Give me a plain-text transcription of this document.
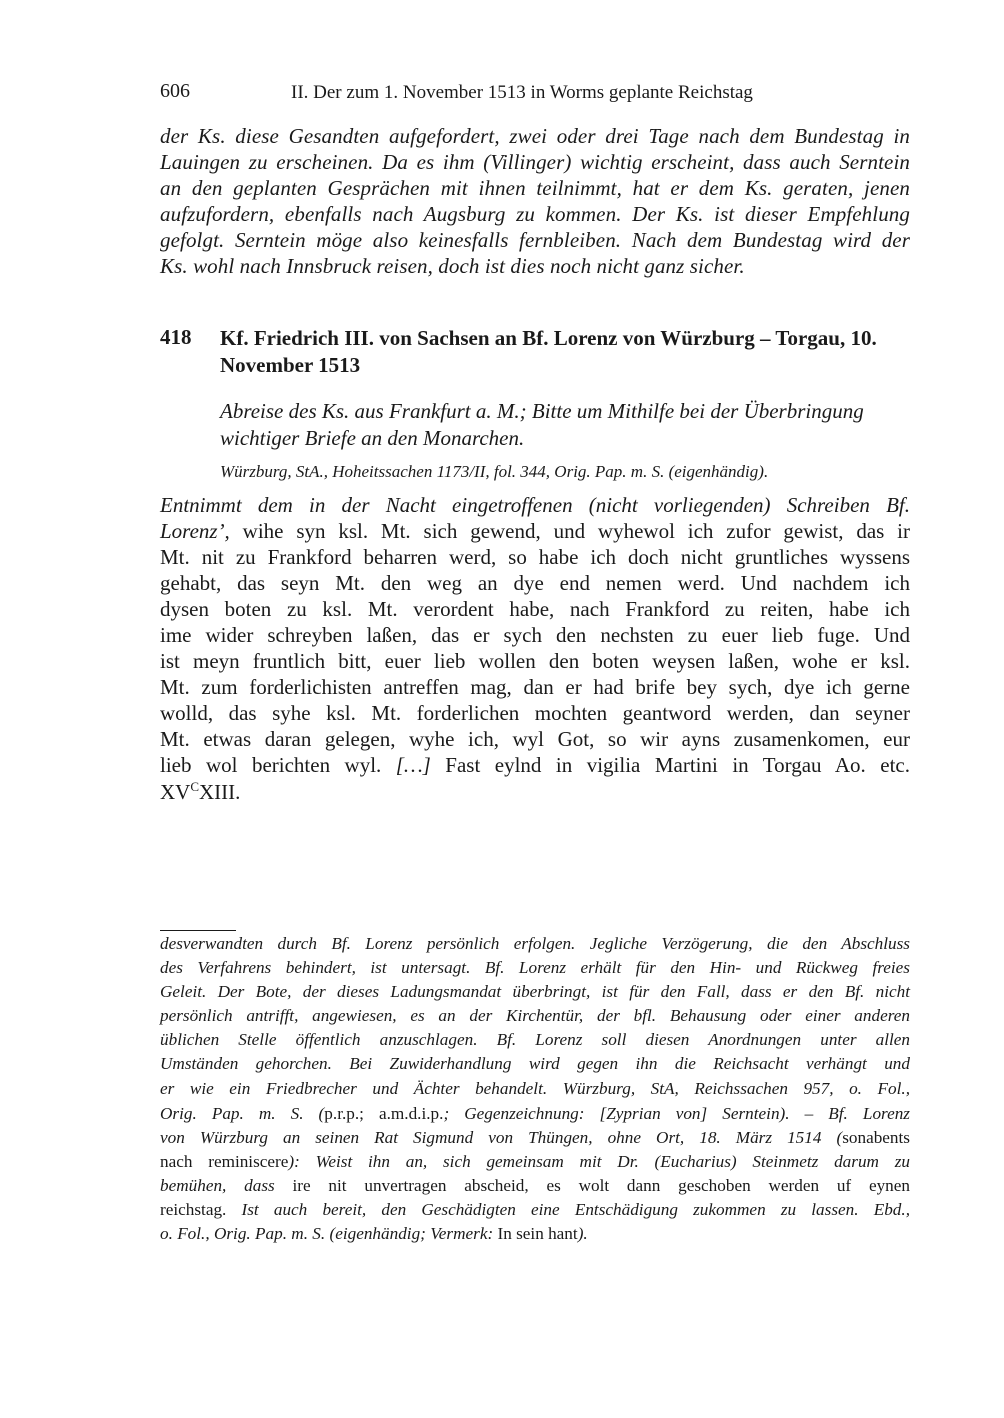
606	II. Der zum 1. November 1513 in Worms geplante Reichstag
der Ks. diese Gesandten aufgefordert, zwei oder drei Tage nach dem Bundestag in
Lauingen zu erscheinen. Da es ihm (Villinger) wichtig erscheint, dass auch Serntein
an den geplanten Gesprächen mit ihnen teilnimmt, hat er dem Ks. geraten, jenen
aufzufordern, ebenfalls nach Augsburg zu kommen. Der Ks. ist dieser Empfehlung
gefolgt. Serntein möge also keinesfalls fernbleiben. Nach dem Bundestag wird der
Ks. wohl nach Innsbruck reisen, doch ist dies noch nicht ganz sicher.
418 Kf. Friedrich III. von Sachsen an Bf. Lorenz von Würzburg – Torgau, 10. November 1513
Abreise des Ks. aus Frankfurt a. M.; Bitte um Mithilfe bei der Überbringung wichtiger Briefe an den Monarchen.
Würzburg, StA., Hoheitssachen 1173/II, fol. 344, Orig. Pap. m. S. (eigenhändig).
Entnimmt dem in der Nacht eingetroffenen (nicht vorliegenden) Schreiben Bf.
Lorenz’, wihe syn ksl. Mt. sich gewend, und wyhewol ich zufor gewist, das ir
Mt. nit zu Frankford beharren werd, so habe ich doch nicht gruntliches wyssens
gehabt, das seyn Mt. den weg an dye end nemen werd. Und nachdem ich
dysen boten zu ksl. Mt. verordent habe, nach Frankford zu reiten, habe ich
ime wider schreyben laßen, das er sych den nechsten zu euer lieb fuge. Und
ist meyn fruntlich bitt, euer lieb wollen den boten weysen laßen, wohe er ksl.
Mt. zum forderlichisten antreffen mag, dan er had brife bey sych, dye ich gerne
wolld, das syhe ksl. Mt. forderlichen mochten geantword werden, dan seyner
Mt. etwas daran gelegen, wyhe ich, wyl Got, so wir ayns zusamenkomen, eur
lieb wol berichten wyl. […] Fast eylnd in vigilia Martini in Torgau Ao. etc.
$XV^CXIII$.
desverwandten durch Bf. Lorenz persönlich erfolgen. Jegliche Verzögerung, die den Abschluss
des Verfahrens behindert, ist untersagt. Bf. Lorenz erhält für den Hin- und Rückweg freies
Geleit. Der Bote, der dieses Ladungsmandat überbringt, ist für den Fall, dass er den Bf. nicht
persönlich antrifft, angewiesen, es an der Kirchentür, der bfl. Behausung oder einer anderen
üblichen Stelle öffentlich anzuschlagen. Bf. Lorenz soll diesen Anordnungen unter allen
Umständen gehorchen. Bei Zuwiderhandlung wird gegen ihn die Reichsacht verhängt und
er wie ein Friedbrecher und Ächter behandelt. Würzburg, StA, Reichssachen 957, o. Fol.,
Orig. Pap. m. S. (p.r.p.; a.m.d.i.p.; Gegenzeichnung: [Zyprian von] Serntein). – Bf. Lorenz
von Würzburg an seinen Rat Sigmund von Thüngen, ohne Ort, 18. März 1514 (sonabents
nach reminiscere): Weist ihn an, sich gemeinsam mit Dr. (Eucharius) Steinmetz darum zu
bemühen, dass ire nit unvertragen abscheid, es wolt dann geschoben werden uf eynen
reichstag. Ist auch bereit, den Geschädigten eine Entschädigung zukommen zu lassen. Ebd.,
o. Fol., Orig. Pap. m. S. (eigenhändig; Vermerk: In sein hant).
